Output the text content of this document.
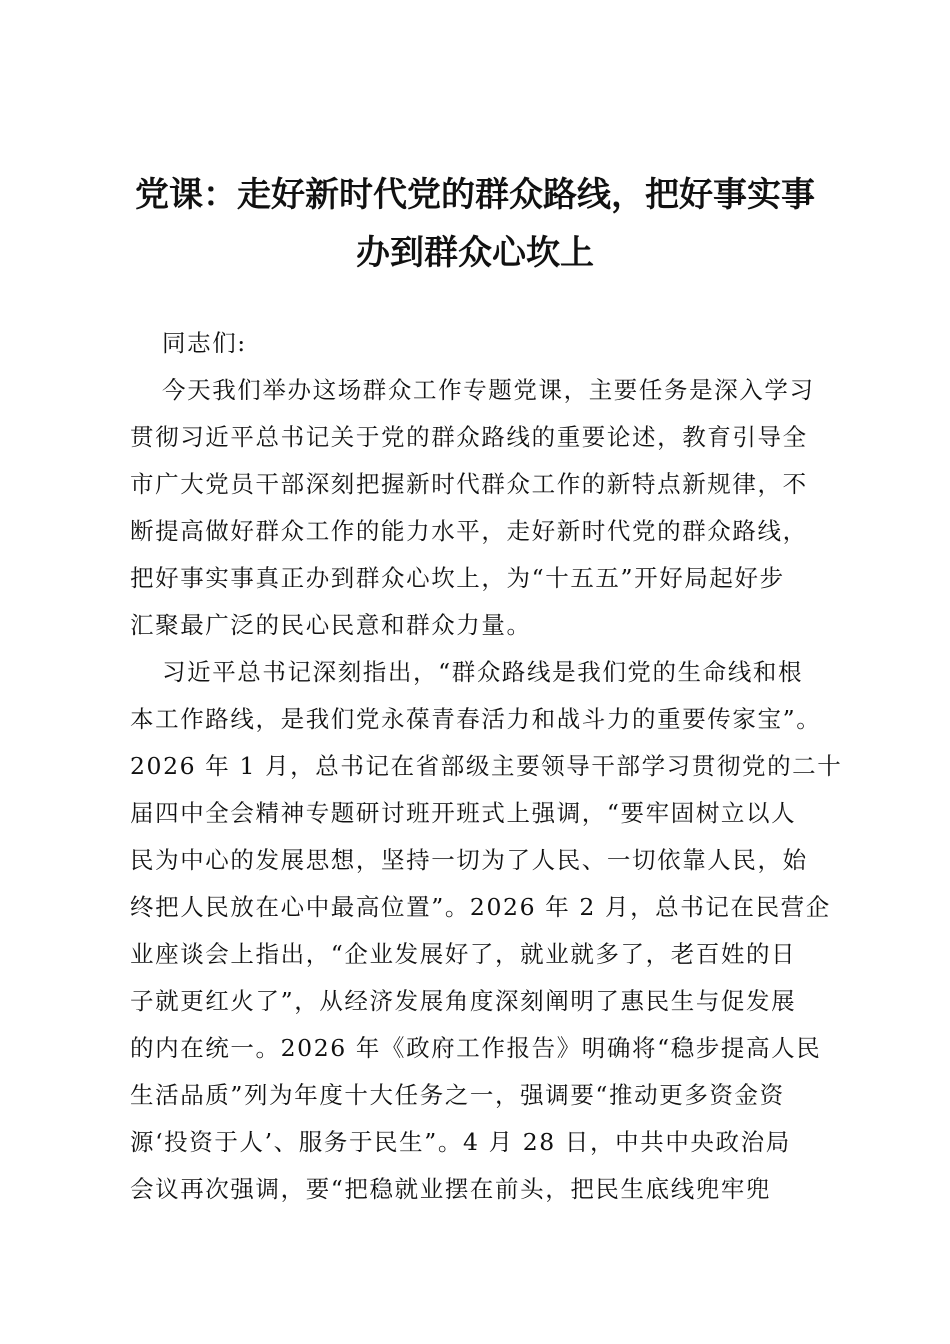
党课：走好新时代党的群众路线，把好事实事
办到群众心坎上
同志们:
今天我们举办这场群众工作专题党课，主要任务是深入学习
贯彻习近平总书记关于党的群众路线的重要论述，教育引导全
市广大党员干部深刻把握新时代群众工作的新特点新规律，不
断提高做好群众工作的能力水平，走好新时代党的群众路线，
把好事实事真正办到群众心坎上，为“十五五”开好局起好步
汇聚最广泛的民心民意和群众力量。
习近平总书记深刻指出，“群众路线是我们党的生命线和根
本工作路线，是我们党永葆青春活力和战斗力的重要传家宝”。
2026 年 1 月，总书记在省部级主要领导干部学习贯彻党的二十
届四中全会精神专题研讨班开班式上强调，“要牢固树立以人
民为中心的发展思想，坚持一切为了人民、一切依靠人民，始
终把人民放在心中最高位置”。2026 年 2 月，总书记在民营企
业座谈会上指出，“企业发展好了，就业就多了，老百姓的日
子就更红火了”，从经济发展角度深刻阐明了惠民生与促发展
的内在统一。2026 年《政府工作报告》明确将“稳步提高人民
生活品质”列为年度十大任务之一，强调要“推动更多资金资
源‘投资于人’、服务于民生”。4 月 28 日，中共中央政治局
会议再次强调，要“把稳就业摆在前头，把民生底线兜牢兜
